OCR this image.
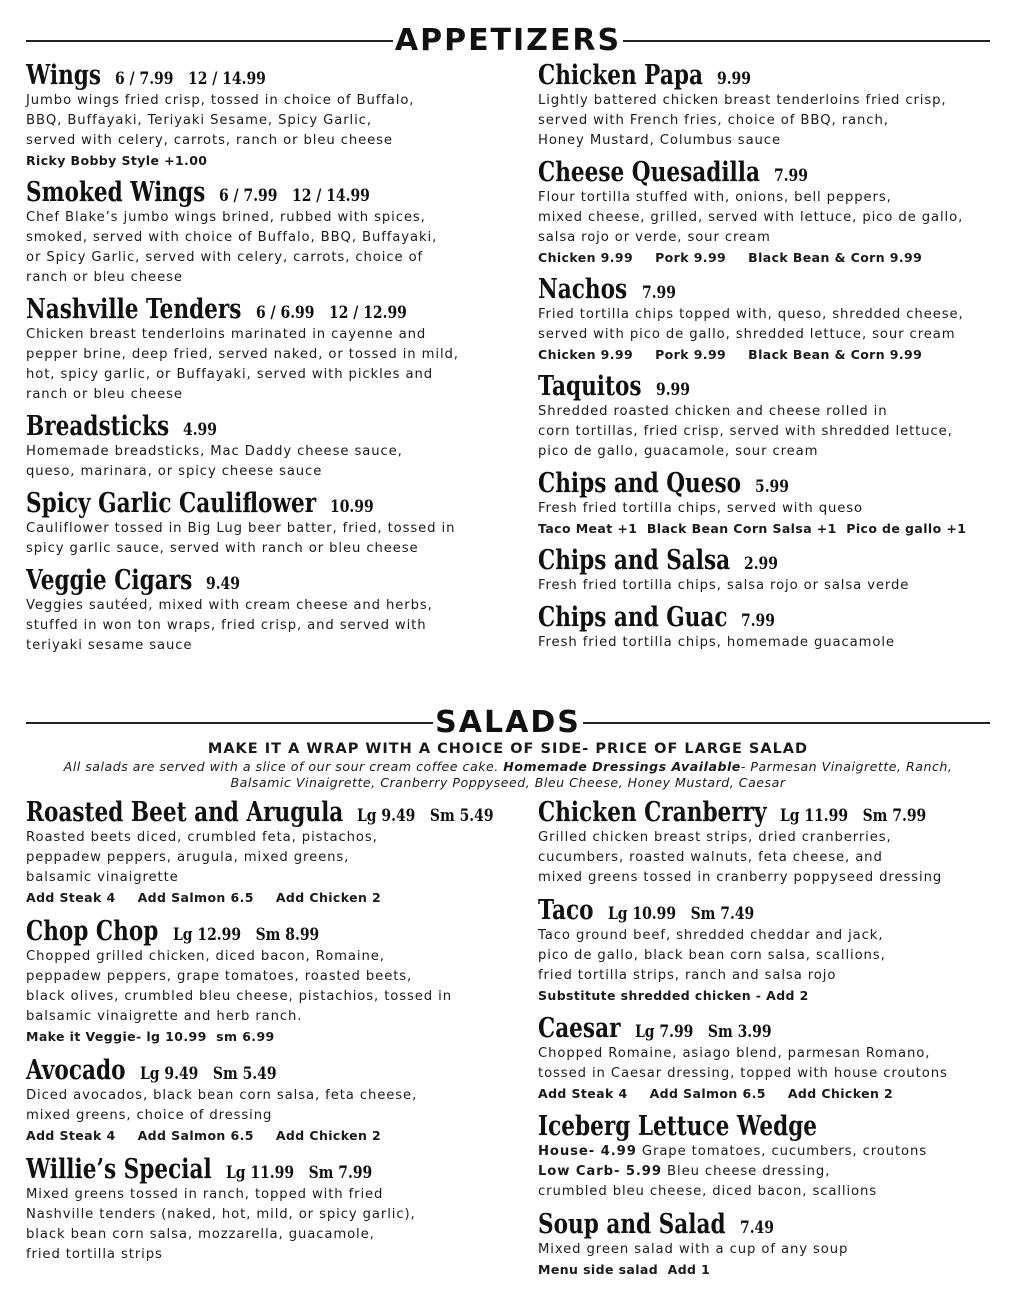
APPETIZERS
Wings 6 / 7.99   12 / 14.99
Jumbo wings fried crisp, tossed in choice of Buffalo,
BBQ, Buffayaki, Teriyaki Sesame, Spicy Garlic,
served with celery, carrots, ranch or bleu cheese
Ricky Bobby Style +1.00
Smoked Wings 6 / 7.99   12 / 14.99
Chef Blake’s jumbo wings brined, rubbed with spices,
smoked, served with choice of Buffalo, BBQ, Buffayaki,
or Spicy Garlic, served with celery, carrots, choice of
ranch or bleu cheese
Nashville Tenders 6 / 6.99   12 / 12.99
Chicken breast tenderloins marinated in cayenne and
pepper brine, deep fried, served naked, or tossed in mild,
hot, spicy garlic, or Buffayaki, served with pickles and
ranch or bleu cheese
Breadsticks 4.99
Homemade breadsticks, Mac Daddy cheese sauce,
queso, marinara, or spicy cheese sauce
Spicy Garlic Cauliflower 10.99
Cauliflower tossed in Big Lug beer batter, fried, tossed in
spicy garlic sauce, served with ranch or bleu cheese
Veggie Cigars 9.49
Veggies sautéed, mixed with cream cheese and herbs,
stuffed in won ton wraps, fried crisp, and served with
teriyaki sesame sauce
Chicken Papa 9.99
Lightly battered chicken breast tenderloins fried crisp,
served with French fries, choice of BBQ, ranch,
Honey Mustard, Columbus sauce
Cheese Quesadilla 7.99
Flour tortilla stuffed with, onions, bell peppers,
mixed cheese, grilled, served with lettuce, pico de gallo,
salsa rojo or verde, sour cream
Chicken 9.99 Pork 9.99 Black Bean & Corn 9.99
Nachos 7.99
Fried tortilla chips topped with, queso, shredded cheese,
served with pico de gallo, shredded lettuce, sour cream
Chicken 9.99 Pork 9.99 Black Bean & Corn 9.99
Taquitos 9.99
Shredded roasted chicken and cheese rolled in
corn tortillas, fried crisp, served with shredded lettuce,
pico de gallo, guacamole, sour cream
Chips and Queso 5.99
Fresh fried tortilla chips, served with queso
Taco Meat +1  Black Bean Corn Salsa +1  Pico de gallo +1
Chips and Salsa 2.99
Fresh fried tortilla chips, salsa rojo or salsa verde
Chips and Guac 7.99
Fresh fried tortilla chips, homemade guacamole
SALADS
MAKE IT A WRAP WITH A CHOICE OF SIDE- PRICE OF LARGE SALAD
All salads are served with a slice of our sour cream coffee cake. Homemade Dressings Available- Parmesan Vinaigrette, Ranch,
Balsamic Vinaigrette, Cranberry Poppyseed, Bleu Cheese, Honey Mustard, Caesar
Roasted Beet and Arugula Lg 9.49   Sm 5.49
Roasted beets diced, crumbled feta, pistachos,
peppadew peppers, arugula, mixed greens,
balsamic vinaigrette
Add Steak 4 Add Salmon 6.5 Add Chicken 2
Chop Chop Lg 12.99   Sm 8.99
Chopped grilled chicken, diced bacon, Romaine,
peppadew peppers, grape tomatoes, roasted beets,
black olives, crumbled bleu cheese, pistachios, tossed in
balsamic vinaigrette and herb ranch.
Make it Veggie- lg 10.99  sm 6.99
Avocado Lg 9.49   Sm 5.49
Diced avocados, black bean corn salsa, feta cheese,
mixed greens, choice of dressing
Add Steak 4 Add Salmon 6.5 Add Chicken 2
Willie’s Special Lg 11.99   Sm 7.99
Mixed greens tossed in ranch, topped with fried
Nashville tenders (naked, hot, mild, or spicy garlic),
black bean corn salsa, mozzarella, guacamole,
fried tortilla strips
Chicken Cranberry Lg 11.99   Sm 7.99
Grilled chicken breast strips, dried cranberries,
cucumbers, roasted walnuts, feta cheese, and
mixed greens tossed in cranberry poppyseed dressing
Taco Lg 10.99   Sm 7.49
Taco ground beef, shredded cheddar and jack,
pico de gallo, black bean corn salsa, scallions,
fried tortilla strips, ranch and salsa rojo
Substitute shredded chicken - Add 2
Caesar Lg 7.99   Sm 3.99
Chopped Romaine, asiago blend, parmesan Romano,
tossed in Caesar dressing, topped with house croutons
Add Steak 4 Add Salmon 6.5 Add Chicken 2
Iceberg Lettuce Wedge
House- 4.99 Grape tomatoes, cucumbers, croutons
Low Carb- 5.99 Bleu cheese dressing,
crumbled bleu cheese, diced bacon, scallions
Soup and Salad 7.49
Mixed green salad with a cup of any soup
Menu side salad  Add 1
